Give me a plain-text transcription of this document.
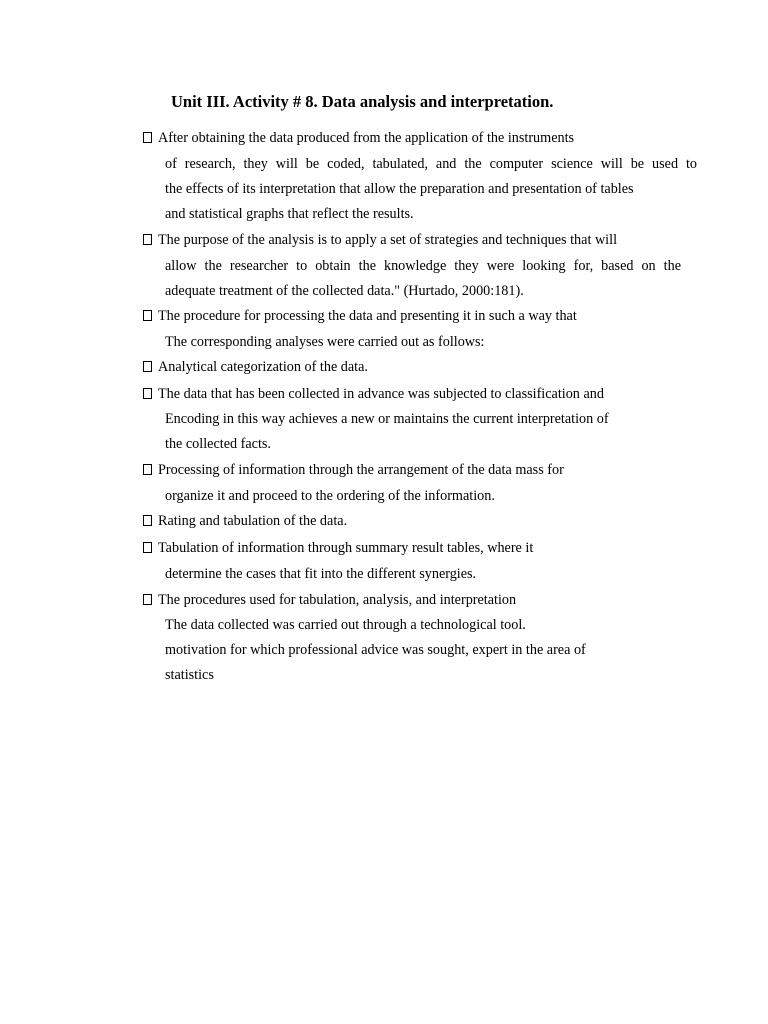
Unit III. Activity # 8. Data analysis and interpretation.
After obtaining the data produced from the application of the instruments
of research, they will be coded, tabulated, and the computer science will be used to
the effects of its interpretation that allow the preparation and presentation of tables
and statistical graphs that reflect the results.
The purpose of the analysis is to apply a set of strategies and techniques that will
allow the researcher to obtain the knowledge they were looking for, based on the
adequate treatment of the collected data." (Hurtado, 2000:181).
The procedure for processing the data and presenting it in such a way that
The corresponding analyses were carried out as follows:
Analytical categorization of the data.
The data that has been collected in advance was subjected to classification and
Encoding in this way achieves a new or maintains the current interpretation of
the collected facts.
Processing of information through the arrangement of the data mass for
organize it and proceed to the ordering of the information.
Rating and tabulation of the data.
Tabulation of information through summary result tables, where it
determine the cases that fit into the different synergies.
The procedures used for tabulation, analysis, and interpretation
The data collected was carried out through a technological tool.
motivation for which professional advice was sought, expert in the area of
statistics
